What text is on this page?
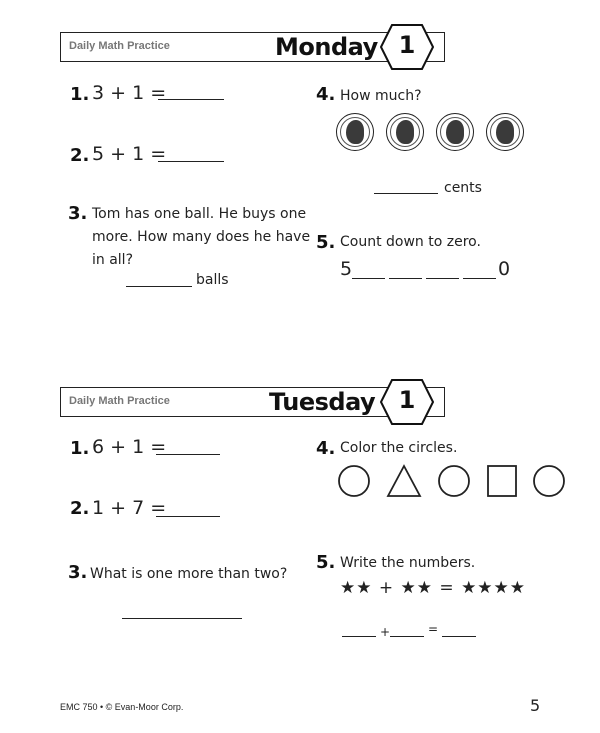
Daily Math Practice	Monday 1
1. 3 + 1 =
2. 5 + 1 =
3. Tom has one ball. He buys one
more. How many does he have
in all?
balls
4. How much?
cents
5. Count down to zero.
5	0
Daily Math Practice	Tuesday 1
1. 6 + 1 =
2. 1 + 7 =
3. What is one more than two?
4. Color the circles.
5. Write the numbers.
★★ + ★★ = ★★★★
+	=
EMC 750 • © Evan-Moor Corp.	5
